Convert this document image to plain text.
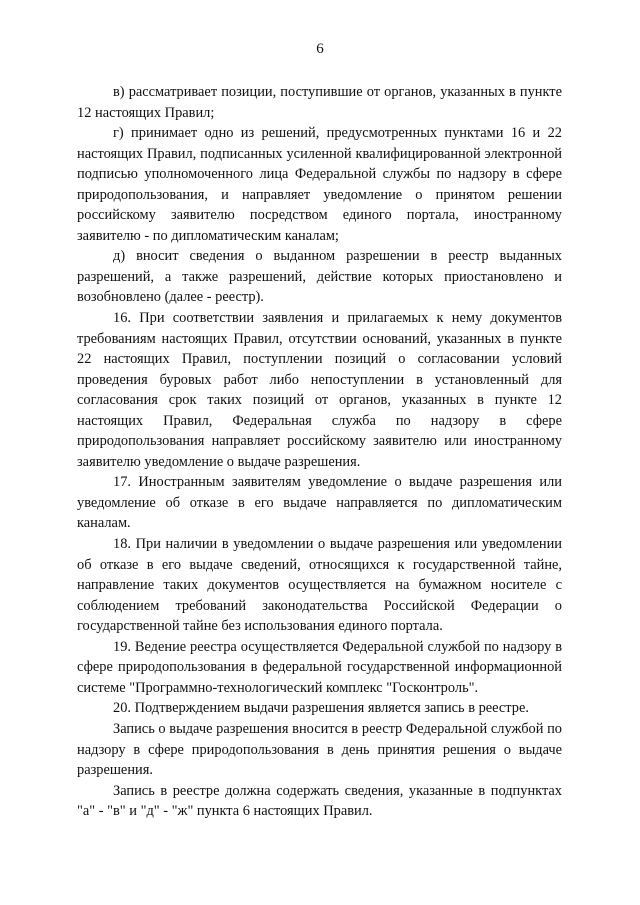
6

в) рассматривает позиции, поступившие от органов, указанных в пункте 12 настоящих Правил;

г) принимает одно из решений, предусмотренных пунктами 16 и 22 настоящих Правил, подписанных усиленной квалифицированной электронной подписью уполномоченного лица Федеральной службы по надзору в сфере природопользования, и направляет уведомление о принятом решении российскому заявителю посредством единого портала, иностранному заявителю - по дипломатическим каналам;

д) вносит сведения о выданном разрешении в реестр выданных разрешений, а также разрешений, действие которых приостановлено и возобновлено (далее - реестр).

16. При соответствии заявления и прилагаемых к нему документов требованиям настоящих Правил, отсутствии оснований, указанных в пункте 22 настоящих Правил, поступлении позиций о согласовании условий проведения буровых работ либо непоступлении в установленный для согласования срок таких позиций от органов, указанных в пункте 12 настоящих Правил, Федеральная служба по надзору в сфере природопользования направляет российскому заявителю или иностранному заявителю уведомление о выдаче разрешения.

17. Иностранным заявителям уведомление о выдаче разрешения или уведомление об отказе в его выдаче направляется по дипломатическим каналам.

18. При наличии в уведомлении о выдаче разрешения или уведомлении об отказе в его выдаче сведений, относящихся к государственной тайне, направление таких документов осуществляется на бумажном носителе с соблюдением требований законодательства Российской Федерации о государственной тайне без использования единого портала.

19. Ведение реестра осуществляется Федеральной службой по надзору в сфере природопользования в федеральной государственной информационной системе "Программно-технологический комплекс "Госконтроль".

20. Подтверждением выдачи разрешения является запись в реестре.

Запись о выдаче разрешения вносится в реестр Федеральной службой по надзору в сфере природопользования в день принятия решения о выдаче разрешения.

Запись в реестре должна содержать сведения, указанные в подпунктах "а" - "в" и "д" - "ж" пункта 6 настоящих Правил.
